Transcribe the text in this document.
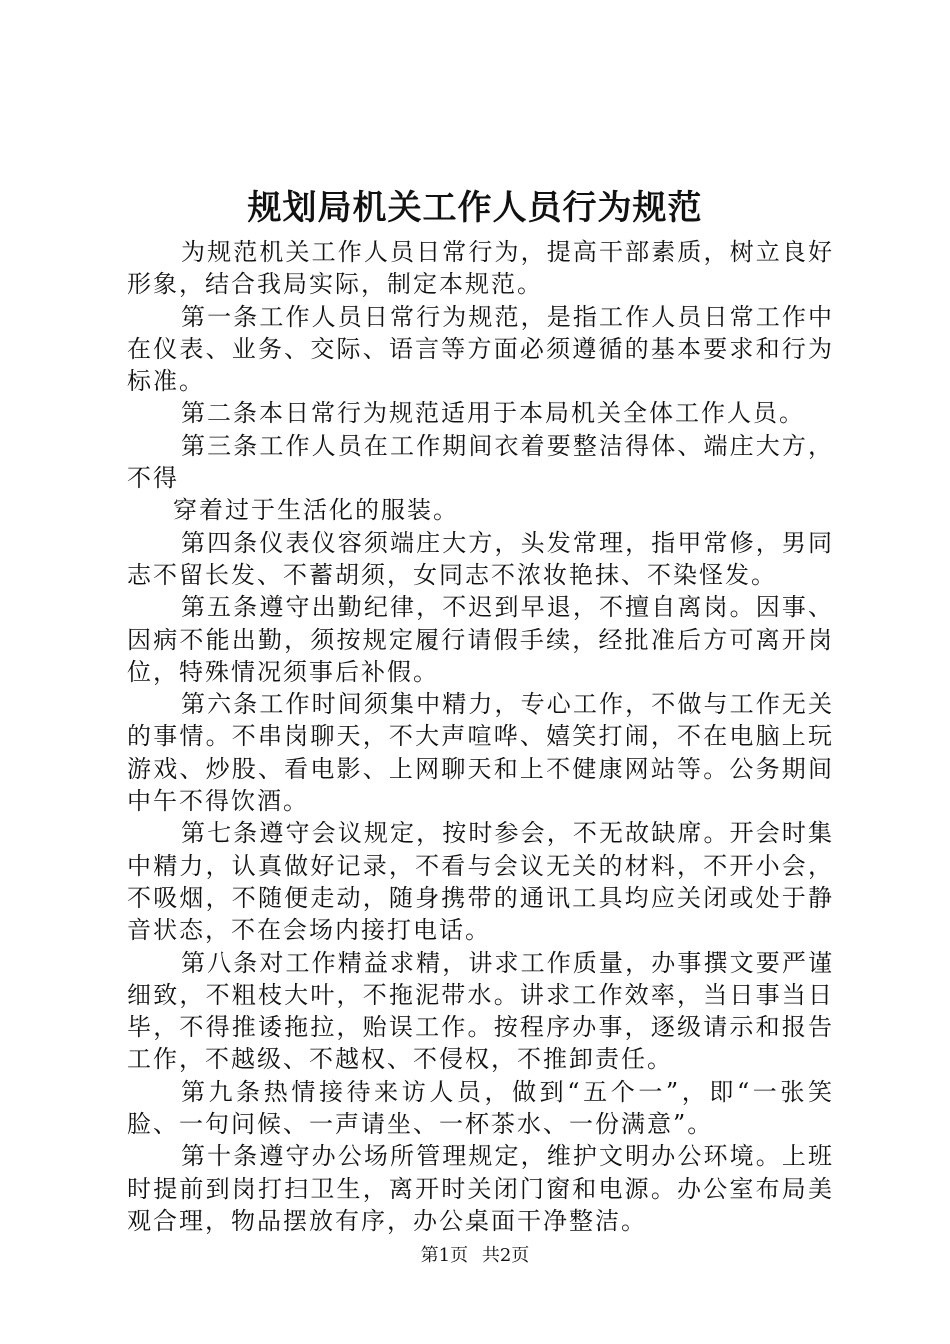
规划局机关工作人员行为规范

为规范机关工作人员日常行为，提高干部素质，树立良好形象，结合我局实际，制定本规范。

第一条工作人员日常行为规范，是指工作人员日常工作中在仪表、业务、交际、语言等方面必须遵循的基本要求和行为标准。

第二条本日常行为规范适用于本局机关全体工作人员。

第三条工作人员在工作期间衣着要整洁得体、端庄大方，不得

穿着过于生活化的服装。

第四条仪表仪容须端庄大方，头发常理，指甲常修，男同志不留长发、不蓄胡须，女同志不浓妆艳抹、不染怪发。

第五条遵守出勤纪律，不迟到早退，不擅自离岗。因事、因病不能出勤，须按规定履行请假手续，经批准后方可离开岗位，特殊情况须事后补假。

第六条工作时间须集中精力，专心工作，不做与工作无关的事情。不串岗聊天，不大声喧哗、嬉笑打闹，不在电脑上玩游戏、炒股、看电影、上网聊天和上不健康网站等。公务期间中午不得饮酒。

第七条遵守会议规定，按时参会，不无故缺席。开会时集中精力，认真做好记录，不看与会议无关的材料，不开小会，不吸烟，不随便走动，随身携带的通讯工具均应关闭或处于静音状态，不在会场内接打电话。

第八条对工作精益求精，讲求工作质量，办事撰文要严谨细致，不粗枝大叶，不拖泥带水。讲求工作效率，当日事当日毕，不得推诿拖拉，贻误工作。按程序办事，逐级请示和报告工作，不越级、不越权、不侵权，不推卸责任。

第九条热情接待来访人员，做到“五个一”，即“一张笑脸、一句问候、一声请坐、一杯茶水、一份满意”。

第十条遵守办公场所管理规定，维护文明办公环境。上班时提前到岗打扫卫生，离开时关闭门窗和电源。办公室布局美观合理，物品摆放有序，办公桌面干净整洁。

第1页 共2页
